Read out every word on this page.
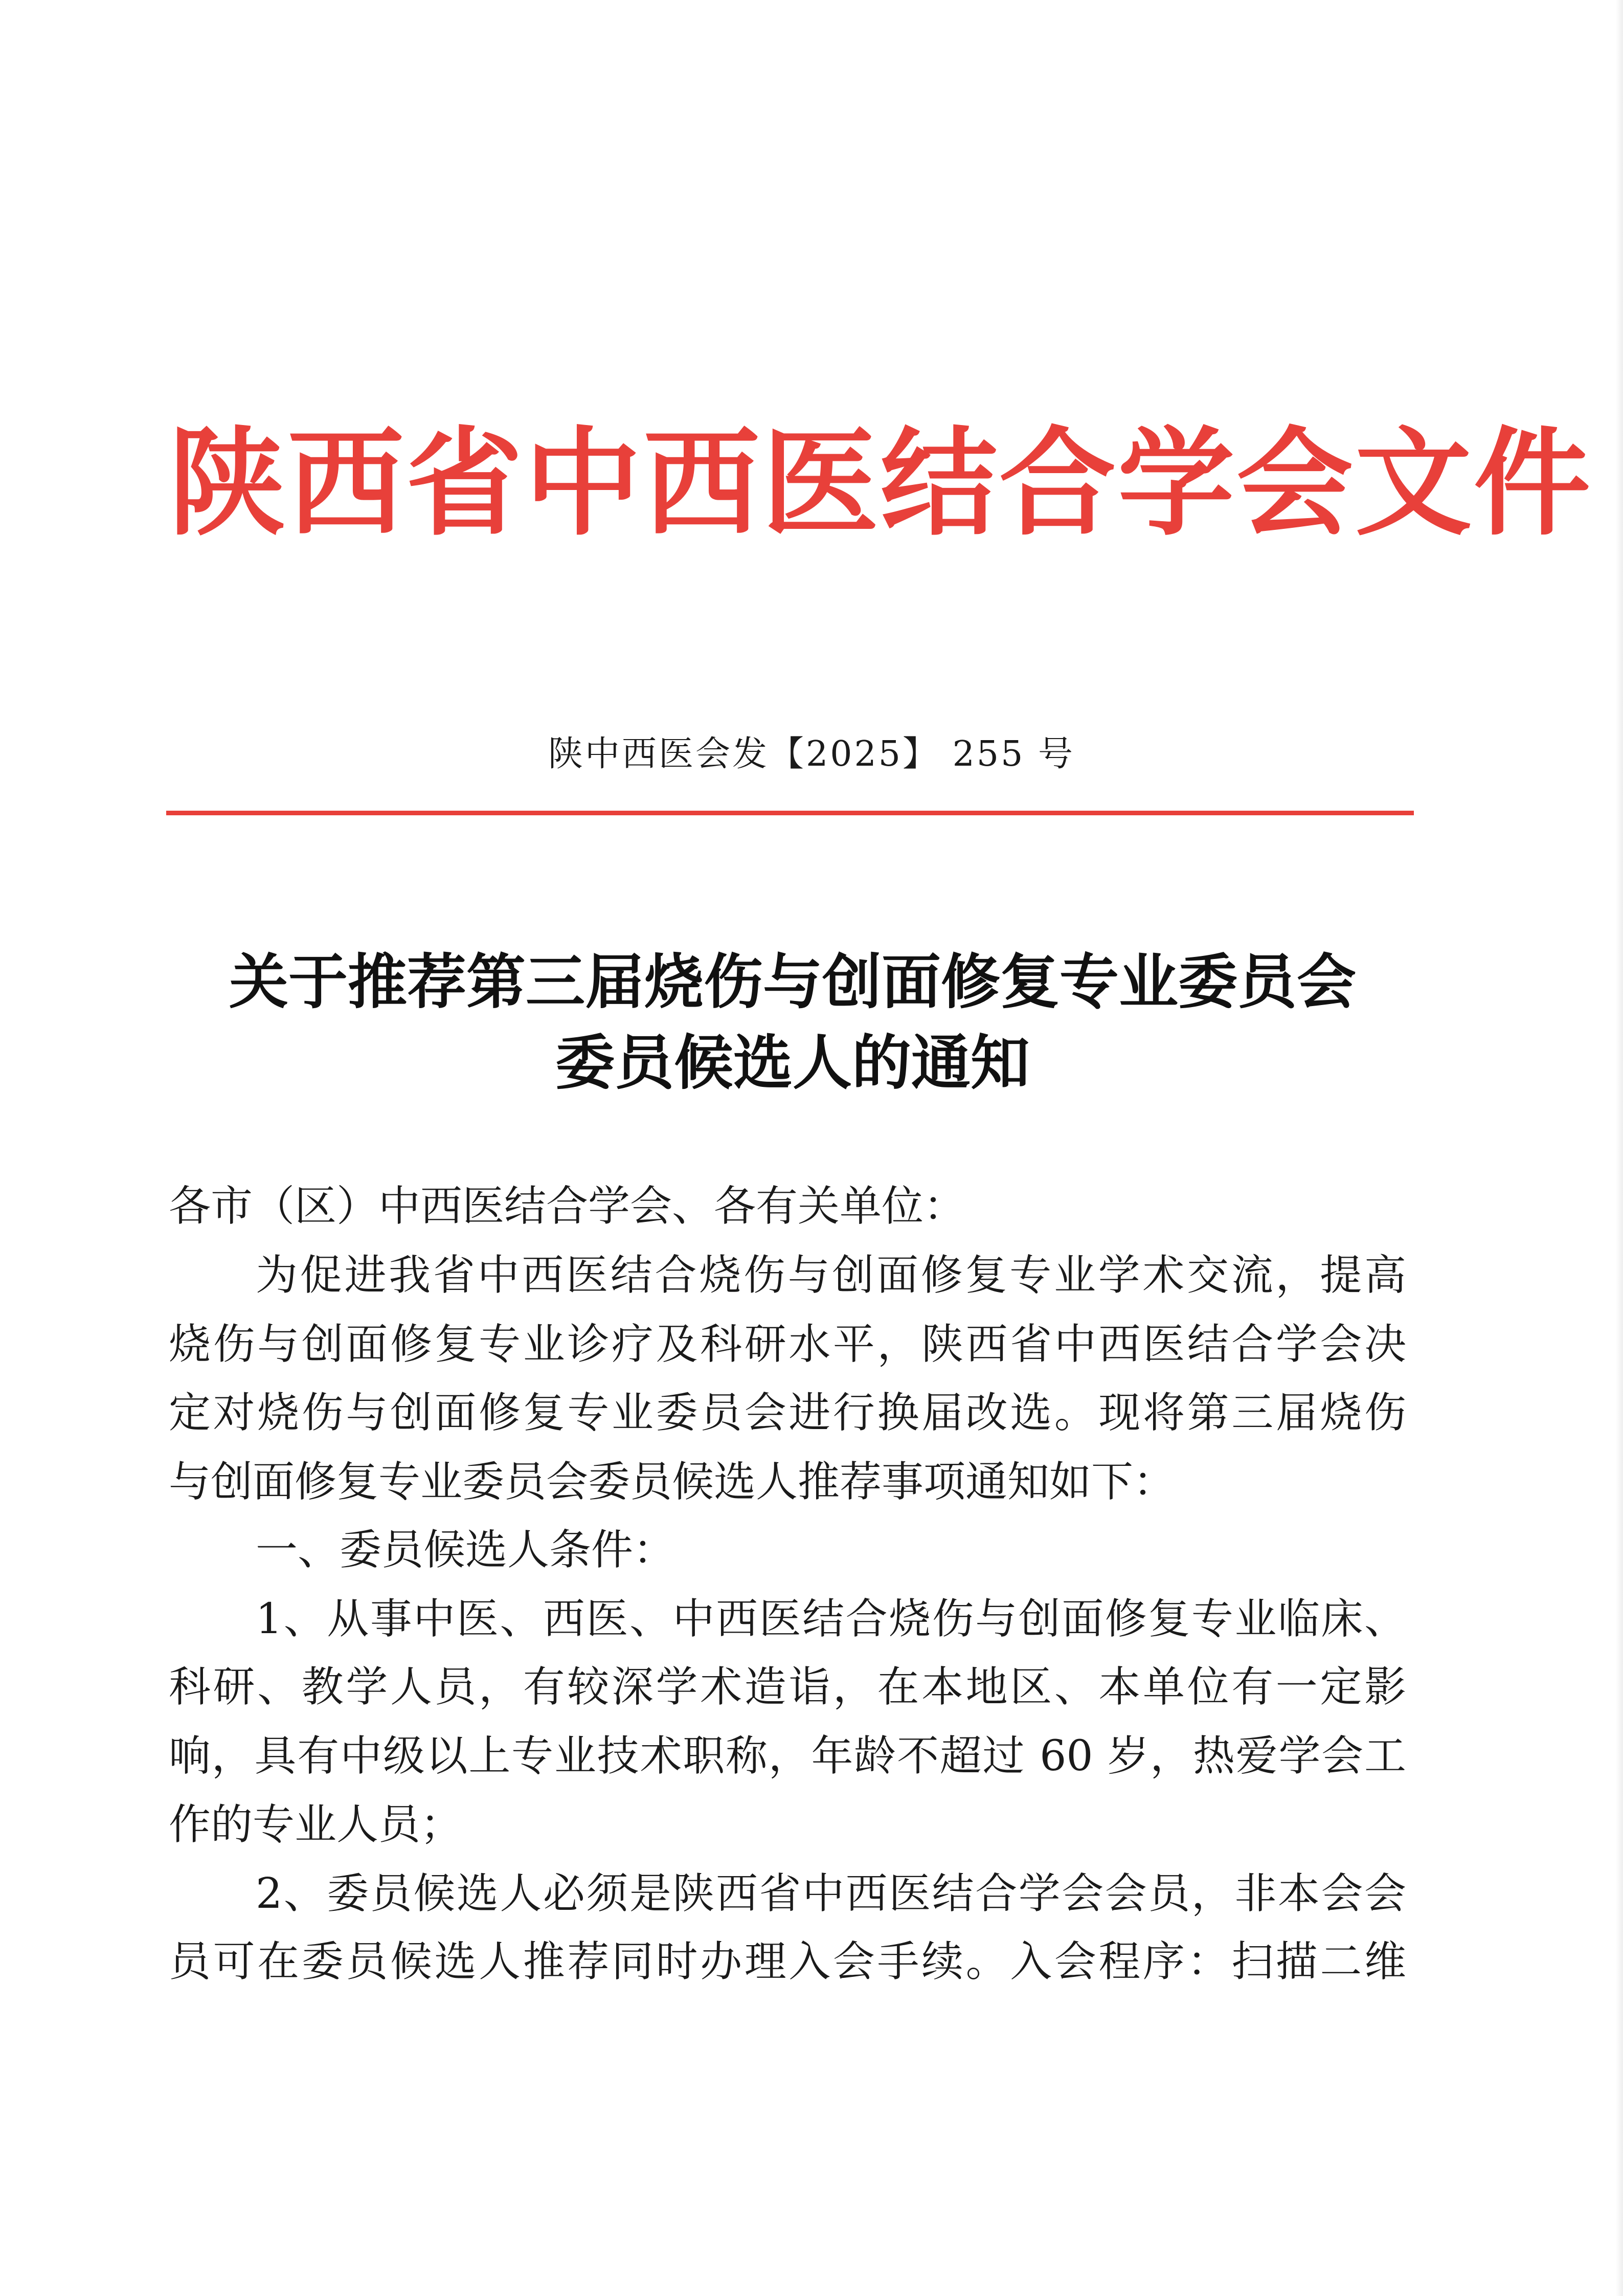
陕西省中西医结合学会文件
陕中西医会发【2025】 255 号
关于推荐第三届烧伤与创面修复专业委员会
委员候选人的通知
各市（区）中西医结合学会、各有关单位：
为促进我省中西医结合烧伤与创面修复专业学术交流，提高
烧伤与创面修复专业诊疗及科研水平，陕西省中西医结合学会决
定对烧伤与创面修复专业委员会进行换届改选。现将第三届烧伤
与创面修复专业委员会委员候选人推荐事项通知如下：
一、委员候选人条件：
1、从事中医、西医、中西医结合烧伤与创面修复专业临床、
科研、教学人员，有较深学术造诣，在本地区、本单位有一定影
响，具有中级以上专业技术职称，年龄不超过 60 岁，热爱学会工
作的专业人员；
2、委员候选人必须是陕西省中西医结合学会会员，非本会会
员可在委员候选人推荐同时办理入会手续。入会程序：扫描二维
